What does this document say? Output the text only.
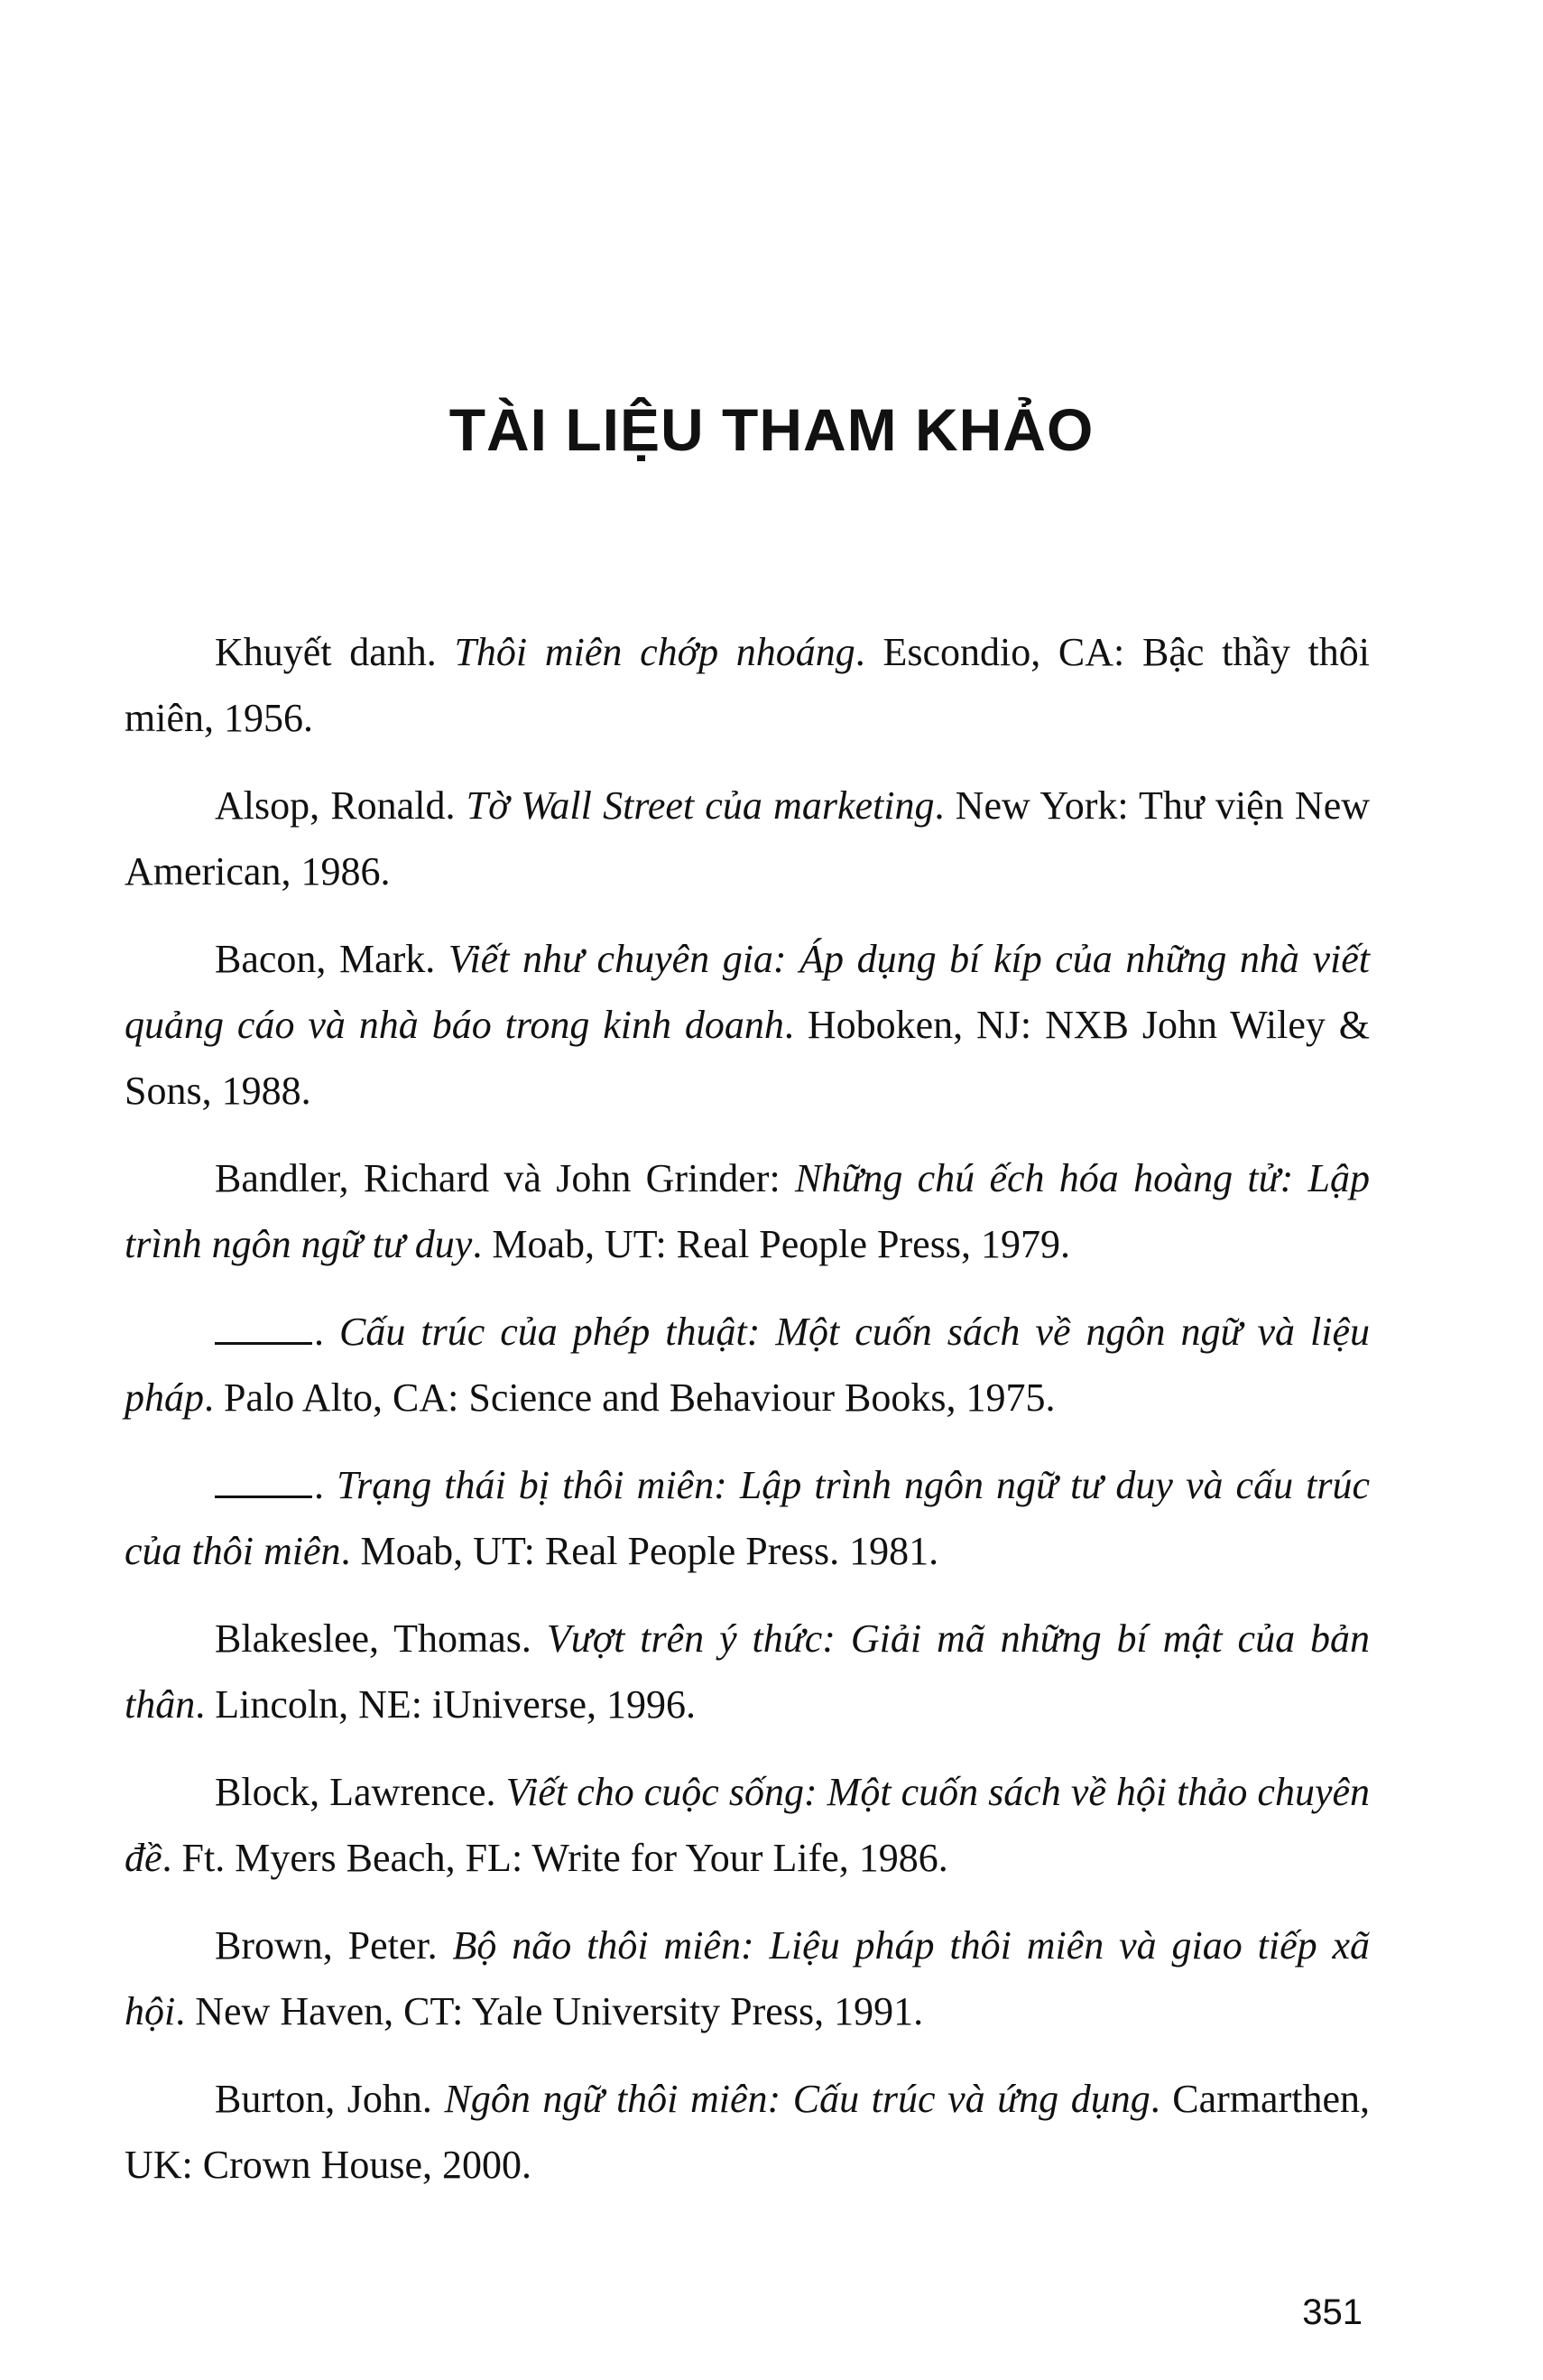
TÀI LIỆU THAM KHẢO
Khuyết danh. Thôi miên chớp nhoáng. Escondio, CA: Bậc thầy thôi miên, 1956.
Alsop, Ronald. Tờ Wall Street của marketing. New York: Thư viện New American, 1986.
Bacon, Mark. Viết như chuyên gia: Áp dụng bí kíp của những nhà viết quảng cáo và nhà báo trong kinh doanh. Hoboken, NJ: NXB John Wiley & Sons, 1988.
Bandler, Richard và John Grinder: Những chú ếch hóa hoàng tử: Lập trình ngôn ngữ tư duy. Moab, UT: Real People Press, 1979.
. Cấu trúc của phép thuật: Một cuốn sách về ngôn ngữ và liệu pháp. Palo Alto, CA: Science and Behaviour Books, 1975.
. Trạng thái bị thôi miên: Lập trình ngôn ngữ tư duy và cấu trúc của thôi miên. Moab, UT: Real People Press. 1981.
Blakeslee, Thomas. Vượt trên ý thức: Giải mã những bí mật của bản thân. Lincoln, NE: iUniverse, 1996.
Block, Lawrence. Viết cho cuộc sống: Một cuốn sách về hội thảo chuyên đề. Ft. Myers Beach, FL: Write for Your Life, 1986.
Brown, Peter. Bộ não thôi miên: Liệu pháp thôi miên và giao tiếp xã hội. New Haven, CT: Yale University Press, 1991.
Burton, John. Ngôn ngữ thôi miên: Cấu trúc và ứng dụng. Carmarthen, UK: Crown House, 2000.
351
